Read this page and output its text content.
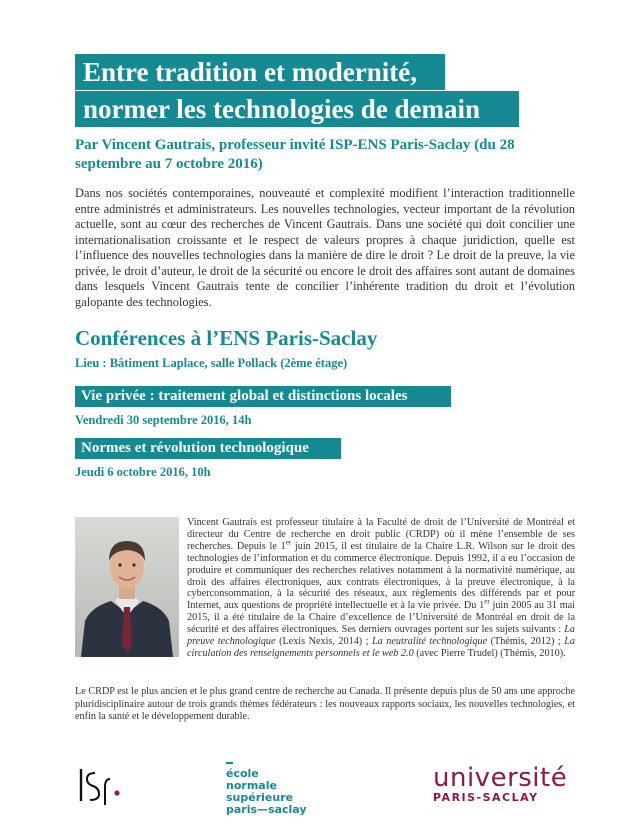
Entre tradition et modernité,
normer les technologies de demain
Par Vincent Gautrais, professeur invité ISP-ENS Paris-Saclay (du 28 septembre au 7 octobre 2016)

Dans nos sociétés contemporaines, nouveauté et complexité modifient l’interaction traditionnelle entre administrés et administrateurs. Les nouvelles technologies, vecteur important de la révolution actuelle, sont au cœur des recherches de Vincent Gautrais. Dans une société qui doit concilier une internationalisation croissante et le respect de valeurs propres à chaque juridiction, quelle est l’influence des nouvelles technologies dans la manière de dire le droit ? Le droit de la preuve, la vie privée, le droit d’auteur, le droit de la sécurité ou encore le droit des affaires sont autant de domaines dans lesquels Vincent Gautrais tente de concilier l’inhérente tradition du droit et l’évolution galopante des technologies.

Conférences à l’ENS Paris-Saclay
Lieu : Bâtiment Laplace, salle Pollack (2ème étage)
Vie privée : traitement global et distinctions locales
Vendredi 30 septembre 2016, 14h
Normes et révolution technologique
Jeudi 6 octobre 2016, 10h

Vincent Gautrais est professeur titulaire à la Faculté de droit de l’Université de Montréal et directeur du Centre de recherche en droit public (CRDP) où il mène l’ensemble de ses recherches. Depuis le 1er juin 2015, il est titulaire de la Chaire L.R. Wilson sur le droit des technologies de l’information et du commerce électronique. Depuis 1992, il a eu l’occasion de produire et communiquer des recherches relatives notamment à la normativité numérique, au droit des affaires électroniques, aux contrats électroniques, à la preuve électronique, à la cyberconsommation, à la sécurité des réseaux, aux règlements des différends par et pour Internet, aux questions de propriété intellectuelle et à la vie privée. Du 1er juin 2005 au 31 mai 2015, il a été titulaire de la Chaire d’excellence de l’Université de Montréal en droit de la sécurité et des affaires électroniques. Ses derniers ouvrages portent sur les sujets suivants : La preuve technologique (Lexis Nexis, 2014) ; La neutralité technologique (Thémis, 2012) ; La circulation des renseignements personnels et le web 2.0 (avec Pierre Trudel) (Thémis, 2010).

Le CRDP est le plus ancien et le plus grand centre de recherche au Canada. Il présente depuis plus de 50 ans une approche pluridisciplinaire autour de trois grands thèmes fédérateurs : les nouveaux rapports sociaux, les nouvelles technologies, et enfin la santé et le développement durable.

école
normale
supérieure
paris—saclay
université
PARIS-SACLAY
